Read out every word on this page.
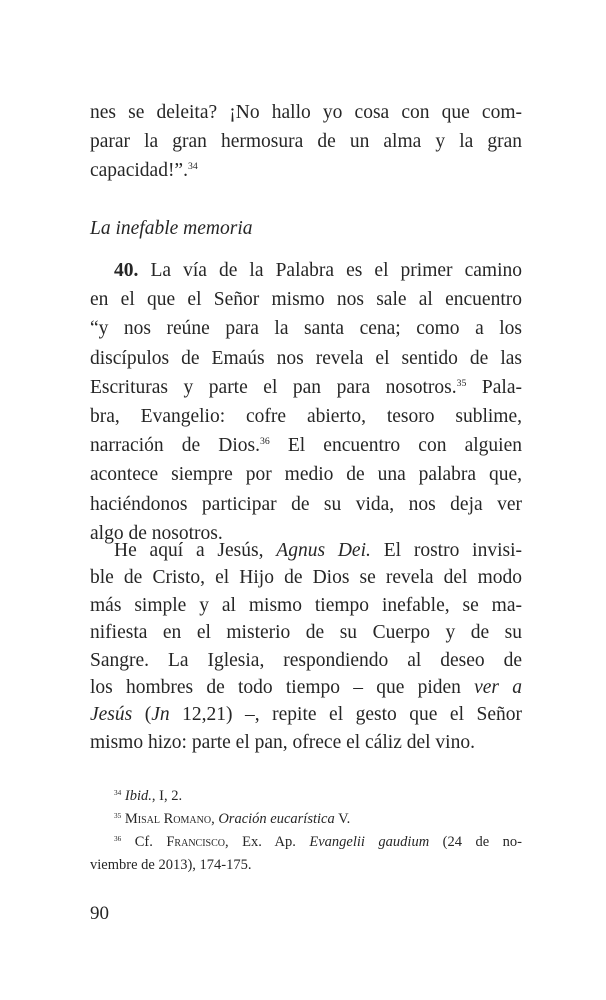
nes se deleita? ¡No hallo yo cosa con que com-
parar la gran hermosura de un alma y la gran
capacidad!”.$^{34}$
La inefable memoria
40. La vía de la Palabra es el primer camino
en el que el Señor mismo nos sale al encuentro
“y nos reúne para la santa cena; como a los
discípulos de Emaús nos revela el sentido de las
Escrituras y parte el pan para nosotros.$^{35}$ Pala-
bra, Evangelio: cofre abierto, tesoro sublime,
narración de Dios.$^{36}$ El encuentro con alguien
acontece siempre por medio de una palabra que,
haciéndonos participar de su vida, nos deja ver
algo de nosotros.
He aquí a Jesús, Agnus Dei. El rostro invisi-
ble de Cristo, el Hijo de Dios se revela del modo
más simple y al mismo tiempo inefable, se ma-
nifiesta en el misterio de su Cuerpo y de su
Sangre. La Iglesia, respondiendo al deseo de
los hombres de todo tiempo – que piden ver a
Jesús (Jn 12,21) –, repite el gesto que el Señor
mismo hizo: parte el pan, ofrece el cáliz del vino.
$^{34}$ Ibid., I, 2.
$^{35}$ Misal Romano, Oración eucarística V.
$^{36}$ Cf. Francisco, Ex. Ap. Evangelii gaudium (24 de no-
viembre de 2013), 174-175.
90
